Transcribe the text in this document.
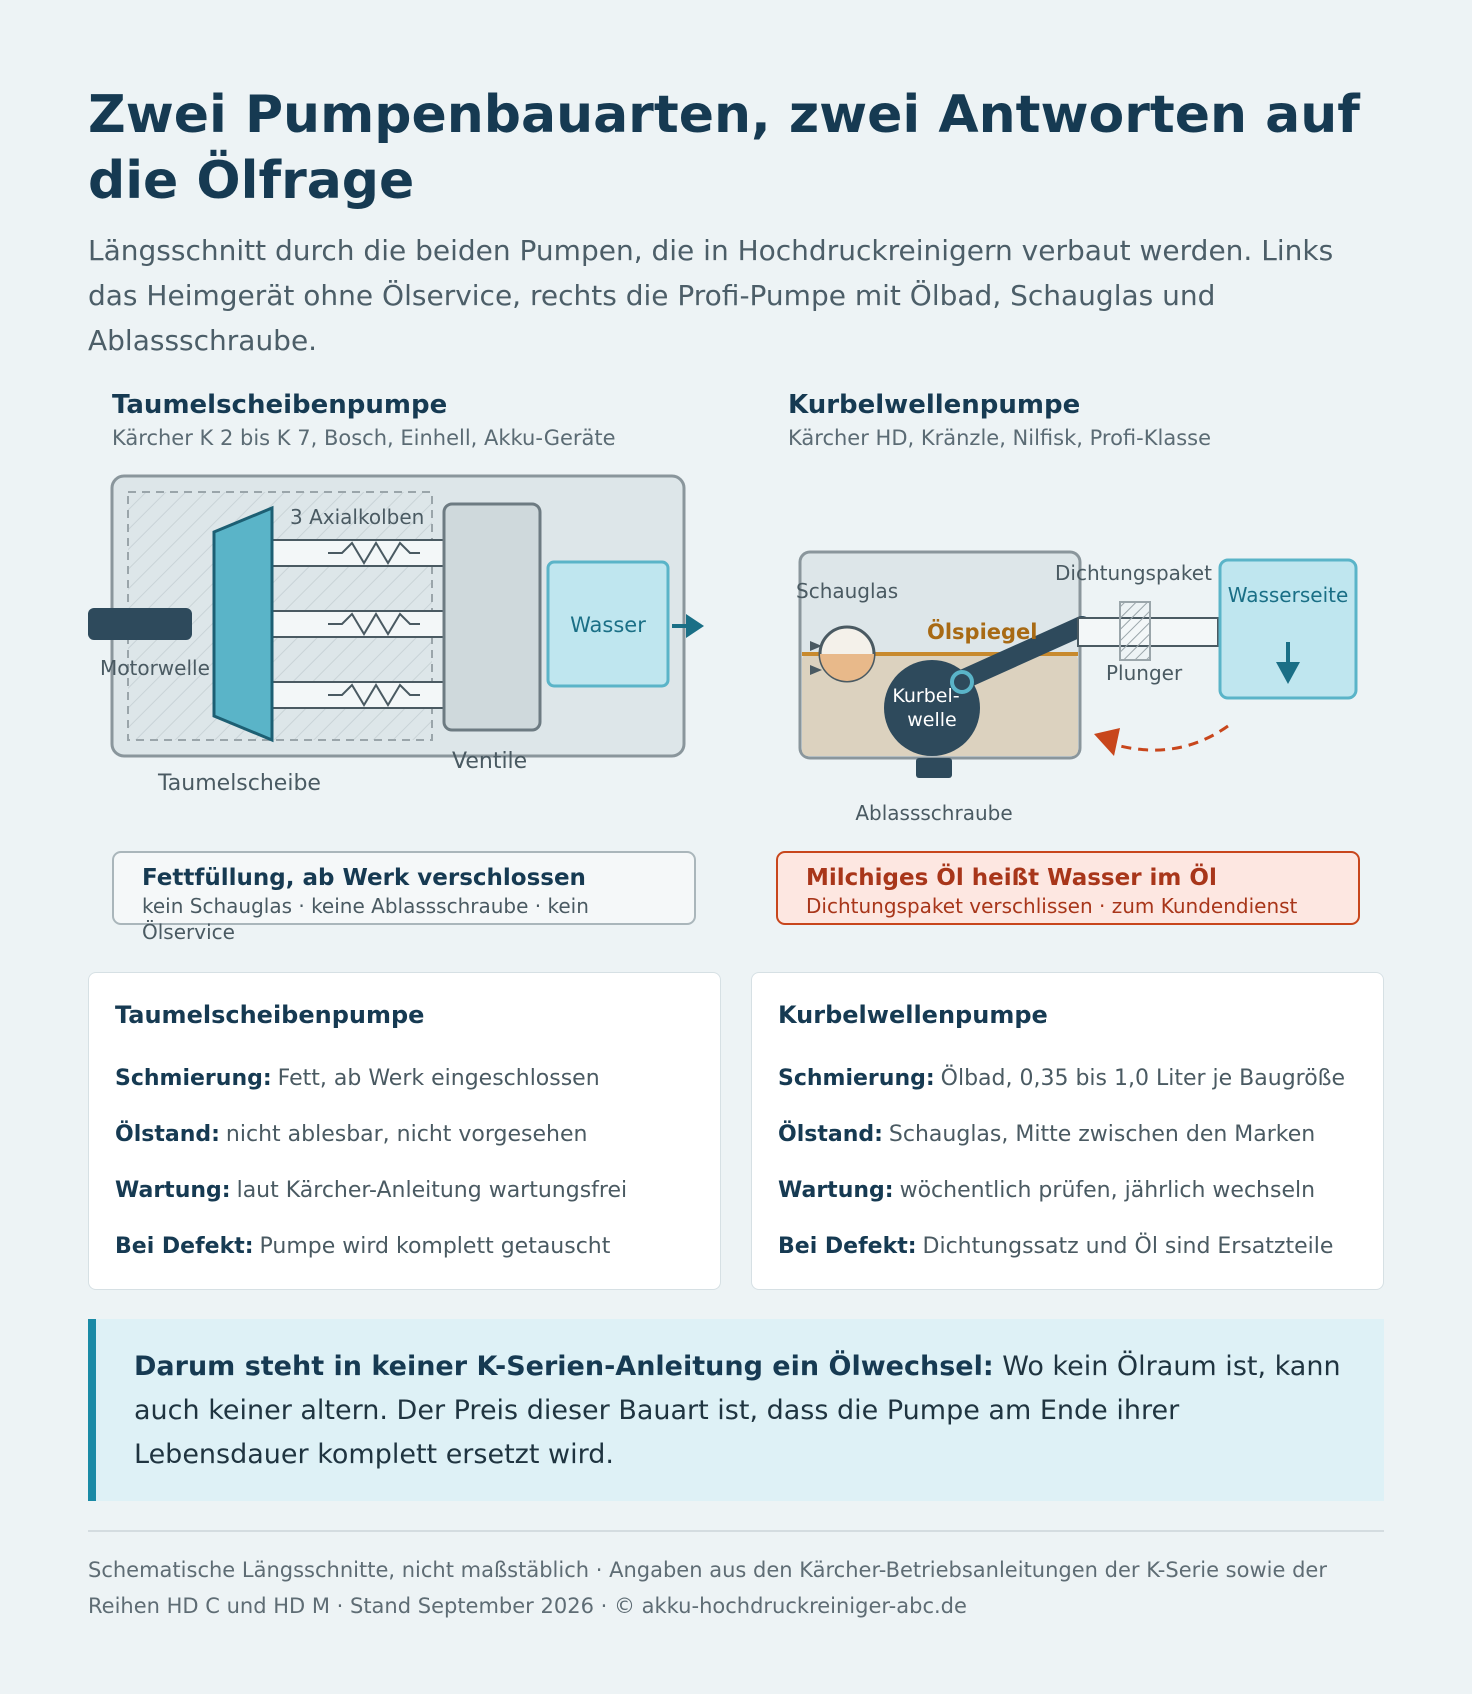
Zwei Pumpenbauarten, zwei Antworten auf die Ölfrage

Längsschnitt durch die beiden Pumpen, die in Hochdruckreinigern verbaut werden. Links das Heimgerät ohne Ölservice, rechts die Profi-Pumpe mit Ölbad, Schauglas und Ablassschraube.

Taumelscheibenpumpe
Kärcher K 2 bis K 7, Bosch, Einhell, Akku-Geräte
Kurbelwellenpumpe
Kärcher HD, Kränzle, Nilfisk, Profi-Klasse
3 Axialkolben
Motorwelle
Wasser
Taumelscheibe
Ventile
Schauglas
Ölspiegel
Dichtungspaket
Wasserseite
Plunger
Kurbel-
welle
Ablassschraube
Fettfüllung, ab Werk verschlossen
kein Schauglas · keine Ablassschraube · kein Ölservice
Milchiges Öl heißt Wasser im Öl
Dichtungspaket verschlissen · zum Kundendienst
Taumelscheibenpumpe
Schmierung: Fett, ab Werk eingeschlossen
Ölstand: nicht ablesbar, nicht vorgesehen
Wartung: laut Kärcher-Anleitung wartungsfrei
Bei Defekt: Pumpe wird komplett getauscht
Kurbelwellenpumpe
Schmierung: Ölbad, 0,35 bis 1,0 Liter je Baugröße
Ölstand: Schauglas, Mitte zwischen den Marken
Wartung: wöchentlich prüfen, jährlich wechseln
Bei Defekt: Dichtungssatz und Öl sind Ersatzteile
Darum steht in keiner K-Serien-Anleitung ein Ölwechsel: Wo kein Ölraum ist, kann auch keiner altern. Der Preis dieser Bauart ist, dass die Pumpe am Ende ihrer Lebensdauer komplett ersetzt wird.
Schematische Längsschnitte, nicht maßstäblich · Angaben aus den Kärcher-Betriebsanleitungen der K-Serie sowie der Reihen HD C und HD M · Stand September 2026 · © akku-hochdruckreiniger-abc.de
